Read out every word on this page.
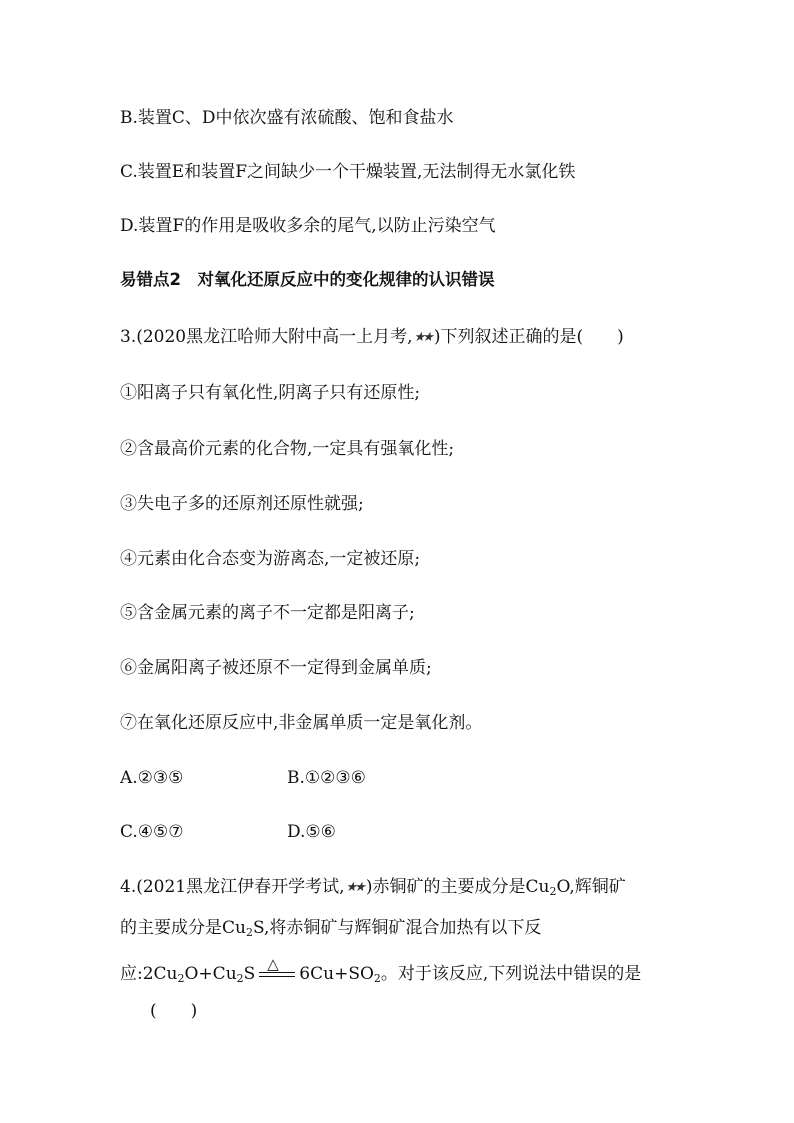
B.装置C、D中依次盛有浓硫酸、饱和食盐水
C.装置E和装置F之间缺少一个干燥装置,无法制得无水氯化铁
D.装置F的作用是吸收多余的尾气,以防止污染空气
易错点2　对氧化还原反应中的变化规律的认识错误
3.(2020黑龙江哈师大附中高一上月考,★★ )下列叙述正确的是(　　)
①阳离子只有氧化性,阴离子只有还原性;
②含最高价元素的化合物,一定具有强氧化性;
③失电子多的还原剂还原性就强;
④元素由化合态变为游离态,一定被还原;
⑤含金属元素的离子不一定都是阳离子;
⑥金属阳离子被还原不一定得到金属单质;
⑦在氧化还原反应中,非金属单质一定是氧化剂。
A.②③⑤	B.①②③⑥
C.④⑤⑦	D.⑤⑥
4.(2021黑龙江伊春开学考试,★★ )赤铜矿的主要成分是$Cu_2O$,辉铜矿
的主要成分是$Cu_2S$,将赤铜矿与辉铜矿混合加热有以下反
应$:2Cu_2O+Cu_2S$ △ $6Cu+SO_2$。对于该反应,下列说法中错误的是
(　　)
